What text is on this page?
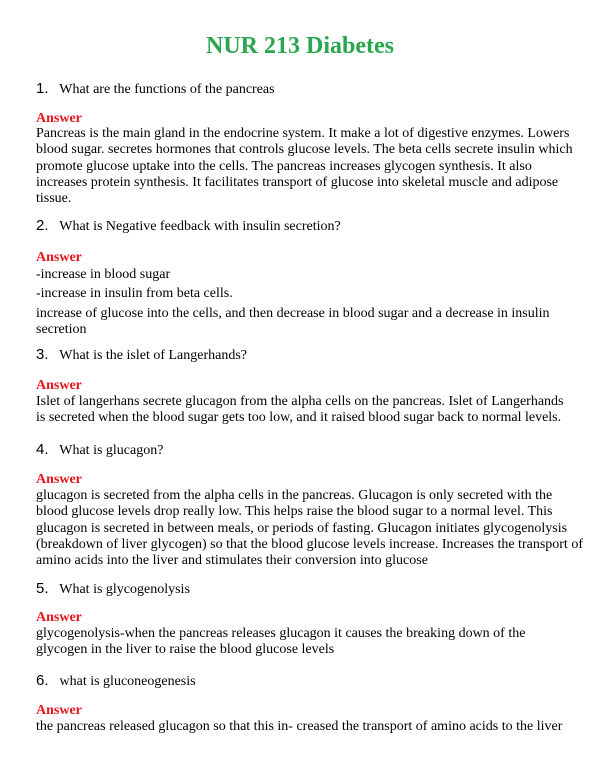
NUR 213 Diabetes
1. What are the functions of the pancreas
Answer
Pancreas is the main gland in the endocrine system. It make a lot of digestive enzymes. Lowers
blood sugar. secretes hormones that controls glucose levels. The beta cells secrete insulin which
promote glucose uptake into the cells. The pancreas increases glycogen synthesis. It also
increases protein synthesis. It facilitates transport of glucose into skeletal muscle and adipose
tissue.
2. What is Negative feedback with insulin secretion?
Answer
-increase in blood sugar
-increase in insulin from beta cells.
increase of glucose into the cells, and then decrease in blood sugar and a decrease in insulin
secretion
3. What is the islet of Langerhands?
Answer
Islet of langerhans secrete glucagon from the alpha cells on the pancreas. Islet of Langerhands
is secreted when the blood sugar gets too low, and it raised blood sugar back to normal levels.
4. What is glucagon?
Answer
glucagon is secreted from the alpha cells in the pancreas. Glucagon is only secreted with the
blood glucose levels drop really low. This helps raise the blood sugar to a normal level. This
glucagon is secreted in between meals, or periods of fasting. Glucagon initiates glycogenolysis
(breakdown of liver glycogen) so that the blood glucose levels increase. Increases the transport of
amino acids into the liver and stimulates their conversion into glucose
5. What is glycogenolysis
Answer
glycogenolysis-when the pancreas releases glucagon it causes the breaking down of the
glycogen in the liver to raise the blood glucose levels
6. what is gluconeogenesis
Answer
the pancreas released glucagon so that this in- creased the transport of amino acids to the liver
